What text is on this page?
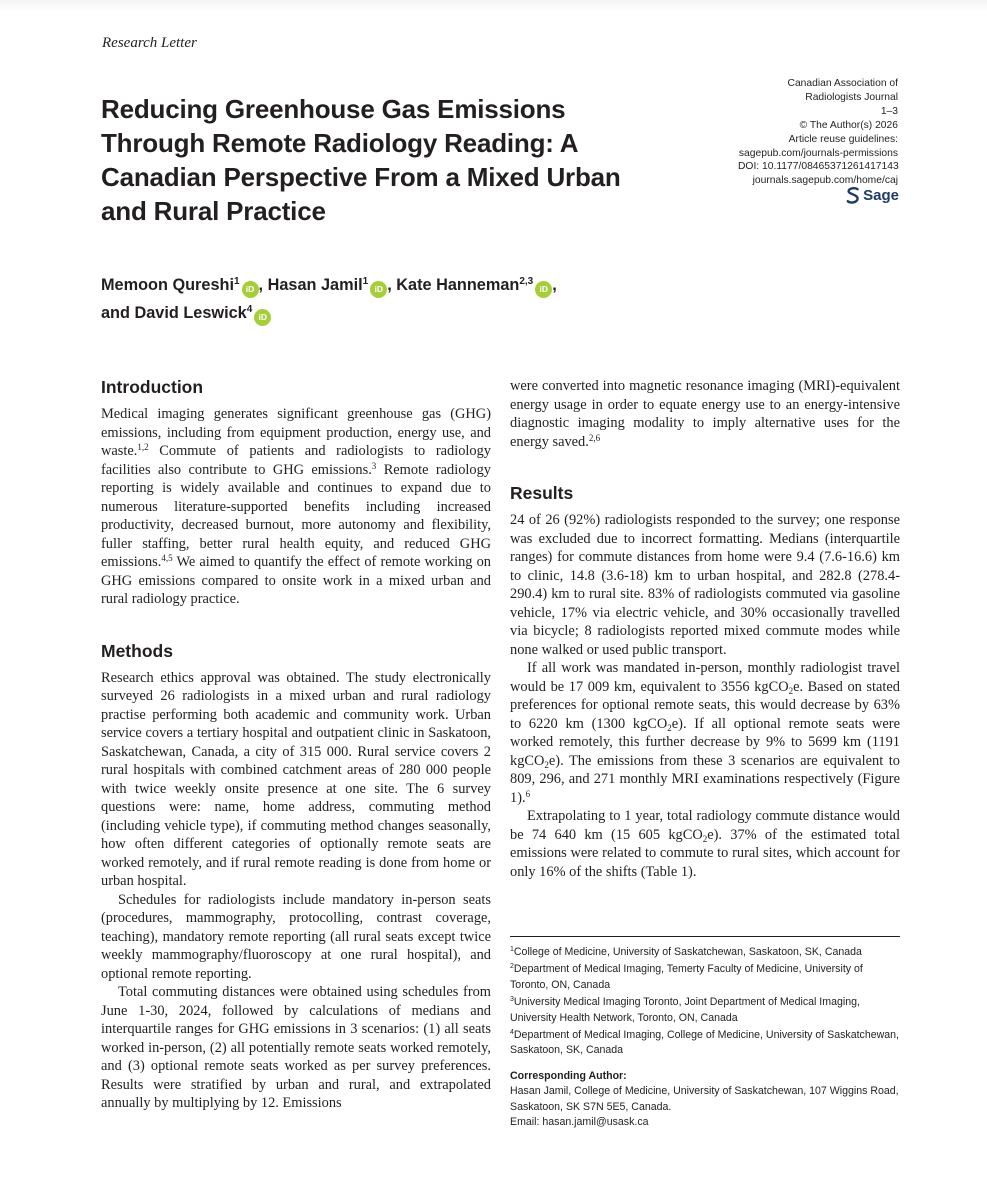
Research Letter
Reducing Greenhouse Gas Emissions Through Remote Radiology Reading: A Canadian Perspective From a Mixed Urban and Rural Practice
Canadian Association of
Radiologists Journal
1–3
© The Author(s) 2026
Article reuse guidelines:
sagepub.com/journals-permissions
DOI: 10.1177/08465371261417143
journals.sagepub.com/home/caj
Sage
Memoon Qureshi$^1$iD , Hasan Jamil$^1$iD , Kate Hanneman$^{2,3}$iD ,
and David Leswick$^4$iD
Introduction

Medical imaging generates significant greenhouse gas (GHG) emissions, including from equipment production, energy use, and waste.$^{1,2}$ Commute of patients and radiologists to radiology facilities also contribute to GHG emissions.$^3$ Remote radiology reporting is widely available and continues to expand due to numerous literature-supported benefits including increased productivity, decreased burnout, more autonomy and flexibility, fuller staffing, better rural health equity, and reduced GHG emissions.$^{4,5}$ We aimed to quantify the effect of remote working on GHG emissions compared to onsite work in a mixed urban and rural radiology practice.

Methods

Research ethics approval was obtained. The study electronically surveyed 26 radiologists in a mixed urban and rural radiology practise performing both academic and community work. Urban service covers a tertiary hospital and outpatient clinic in Saskatoon, Saskatchewan, Canada, a city of 315 000. Rural service covers 2 rural hospitals with combined catchment areas of 280 000 people with twice weekly onsite presence at one site. The 6 survey questions were: name, home address, commuting method (including vehicle type), if commuting method changes seasonally, how often different categories of optionally remote seats are worked remotely, and if rural remote reading is done from home or urban hospital.

Schedules for radiologists include mandatory in-person seats (procedures, mammography, protocolling, contrast coverage, teaching), mandatory remote reporting (all rural seats except twice weekly mammography/fluoroscopy at one rural hospital), and optional remote reporting.

Total commuting distances were obtained using schedules from June 1-30, 2024, followed by calculations of medians and interquartile ranges for GHG emissions in 3 scenarios: (1) all seats worked in-person, (2) all potentially remote seats worked remotely, and (3) optional remote seats worked as per survey preferences. Results were stratified by urban and rural, and extrapolated annually by multiplying by 12. Emissions

were converted into magnetic resonance imaging (MRI)-equivalent energy usage in order to equate energy use to an energy-intensive diagnostic imaging modality to imply alternative uses for the energy saved.$^{2,6}$

Results

24 of 26 (92%) radiologists responded to the survey; one response was excluded due to incorrect formatting. Medians (interquartile ranges) for commute distances from home were 9.4 (7.6-16.6) km to clinic, 14.8 (3.6-18) km to urban hospital, and 282.8 (278.4-290.4) km to rural site. 83% of radiologists commuted via gasoline vehicle, 17% via electric vehicle, and 30% occasionally travelled via bicycle; 8 radiologists reported mixed commute modes while none walked or used public transport.

If all work was mandated in-person, monthly radiologist travel would be 17 009 km, equivalent to 3556 kgCO$_2$e. Based on stated preferences for optional remote seats, this would decrease by 63% to 6220 km (1300 kgCO$_2$e). If all optional remote seats were worked remotely, this further decrease by 9% to 5699 km (1191 kgCO$_2$e). The emissions from these 3 scenarios are equivalent to 809, 296, and 271 monthly MRI examinations respectively (Figure 1).$^6$

Extrapolating to 1 year, total radiology commute distance would be 74 640 km (15 605 kgCO$_2$e). 37% of the estimated total emissions were related to commute to rural sites, which account for only 16% of the shifts (Table 1).

$^1$College of Medicine, University of Saskatchewan, Saskatoon, SK, Canada

$^2$Department of Medical Imaging, Temerty Faculty of Medicine, University of Toronto, ON, Canada

$^3$University Medical Imaging Toronto, Joint Department of Medical Imaging, University Health Network, Toronto, ON, Canada

$^4$Department of Medical Imaging, College of Medicine, University of Saskatchewan, Saskatoon, SK, Canada

Corresponding Author:

Hasan Jamil, College of Medicine, University of Saskatchewan, 107 Wiggins Road, Saskatoon, SK S7N 5E5, Canada.

Email: hasan.jamil@usask.ca
